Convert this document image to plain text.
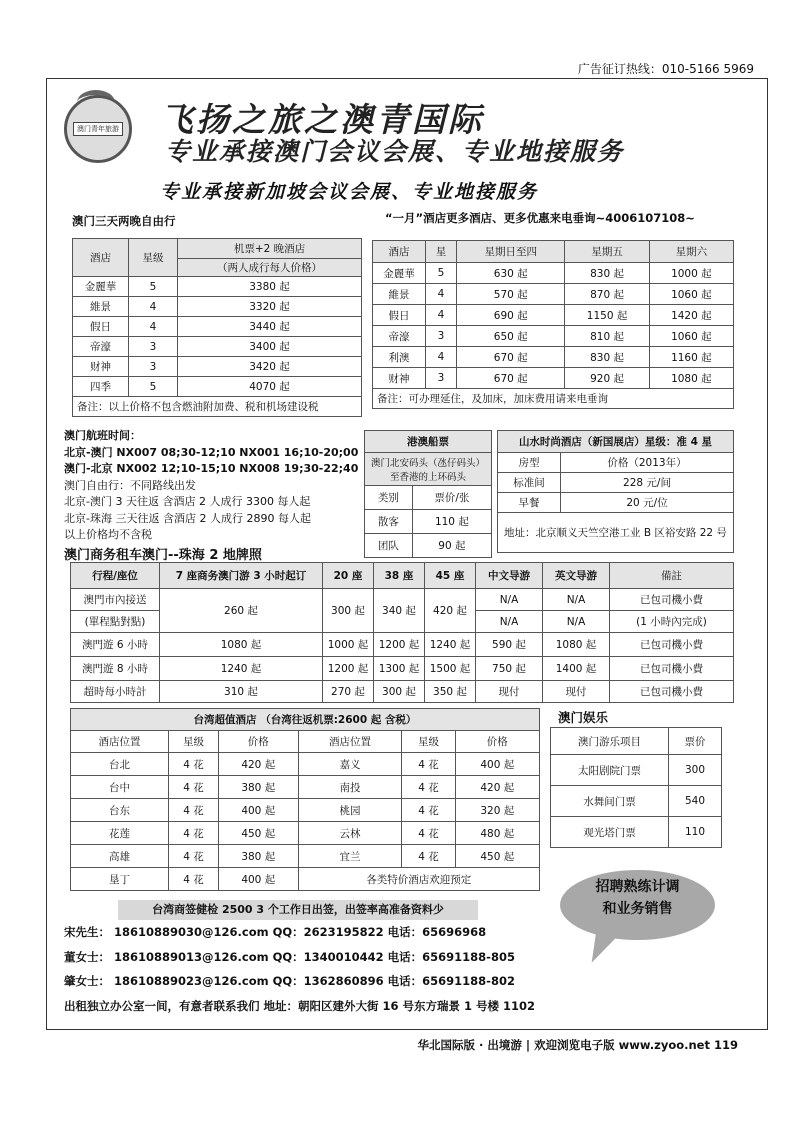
广告征订热线：010-5166 5969
澳门青年旅游 飞扬之旅之澳青国际
专业承接澳门会议会展、专业地接服务
专业承接新加坡会议会展、专业地接服务
澳门三天两晚自由行
酒店	星级	机票+2 晚酒店
		（两人成行每人价格）
金麗華	5	3380 起
維景	4	3320 起
假日	4	3440 起
帝濠	3	3400 起
财神	3	3420 起
四季	5	4070 起
备注：以上价格不包含燃油附加费、税和机场建设税		
“一月”酒店更多酒店、更多优惠来电垂询~4006107108~
酒店	星	星期日至四	星期五	星期六
金麗華	5	630 起	830 起	1000 起
維景	4	570 起	870 起	1060 起
假日	4	690 起	1150 起	1420 起
帝濠	3	650 起	810 起	1060 起
利澳	4	670 起	830 起	1160 起
财神	3	670 起	920 起	1080 起
备注：可办理延住，及加床，加床费用请来电垂询				
澳门航班时间：
北京-澳门 NX007 08;30-12;10 NX001 16;10-20;00
澳门-北京 NX002 12;10-15;10 NX008 19;30-22;40
澳门自由行：不同路线出发
北京-澳门 3 天往返 含酒店 2 人成行 3300 每人起
北京-珠海 三天往返 含酒店 2 人成行 2890 每人起
以上价格均不含税
港澳船票	
澳门北安码头（氹仔码头）至香港的上环码头	
类别	票价/张
散客	110 起
团队	90 起
山水时尚酒店（新国展店）星级：准 4 星	
房型	价格（2013年）
标准间	228 元/间
早餐	20 元/位
地址：北京顺义天竺空港工业 B 区裕安路 22 号	
澳门商务租车澳门--珠海 2 地牌照
行程/座位	7 座商务澳门游 3 小时起订	20 座	38 座	45 座	中文导游	英文导游	備註
澳門市內接送	260 起	300 起	340 起	420 起	N/A	N/A	已包司機小費
(單程點對點)					N/A	N/A	(1 小時內完成)
澳門遊 6 小時	1080 起	1000 起	1200 起	1240 起	590 起	1080 起	已包司機小費
澳門遊 8 小時	1240 起	1200 起	1300 起	1500 起	750 起	1400 起	已包司機小費
超時每小時計	310 起	270 起	300 起	350 起	现付	现付	已包司機小費
台湾超值酒店 （台湾往返机票:2600 起 含税）					
酒店位置	星级	价格	酒店位置	星级	价格
台北	4 花	420 起	嘉义	4 花	400 起
台中	4 花	380 起	南投	4 花	420 起
台东	4 花	400 起	桃园	4 花	320 起
花莲	4 花	450 起	云林	4 花	480 起
高雄	4 花	380 起	宜兰	4 花	450 起
垦丁	4 花	400 起	各类特价酒店欢迎预定		
台湾商签健检 2500 3 个工作日出签，出签率高准备资料少
澳门娱乐
澳门游乐项目	票价
太阳剧院门票	300
水舞间门票	540
观光塔门票	110
招聘熟练计调
和业务销售
宋先生： 18610889030@126.com QQ：2623195822 电话：65696968
董女士： 18610889013@126.com QQ：1340010442 电话：65691188-805
肇女士： 18610889023@126.com QQ：1362860896 电话：65691188-802
出租独立办公室一间，有意者联系我们 地址：朝阳区建外大街 16 号东方瑞景 1 号楼 1102
华北国际版 · 出境游 | 欢迎浏览电子版 www.zyoo.net 119
